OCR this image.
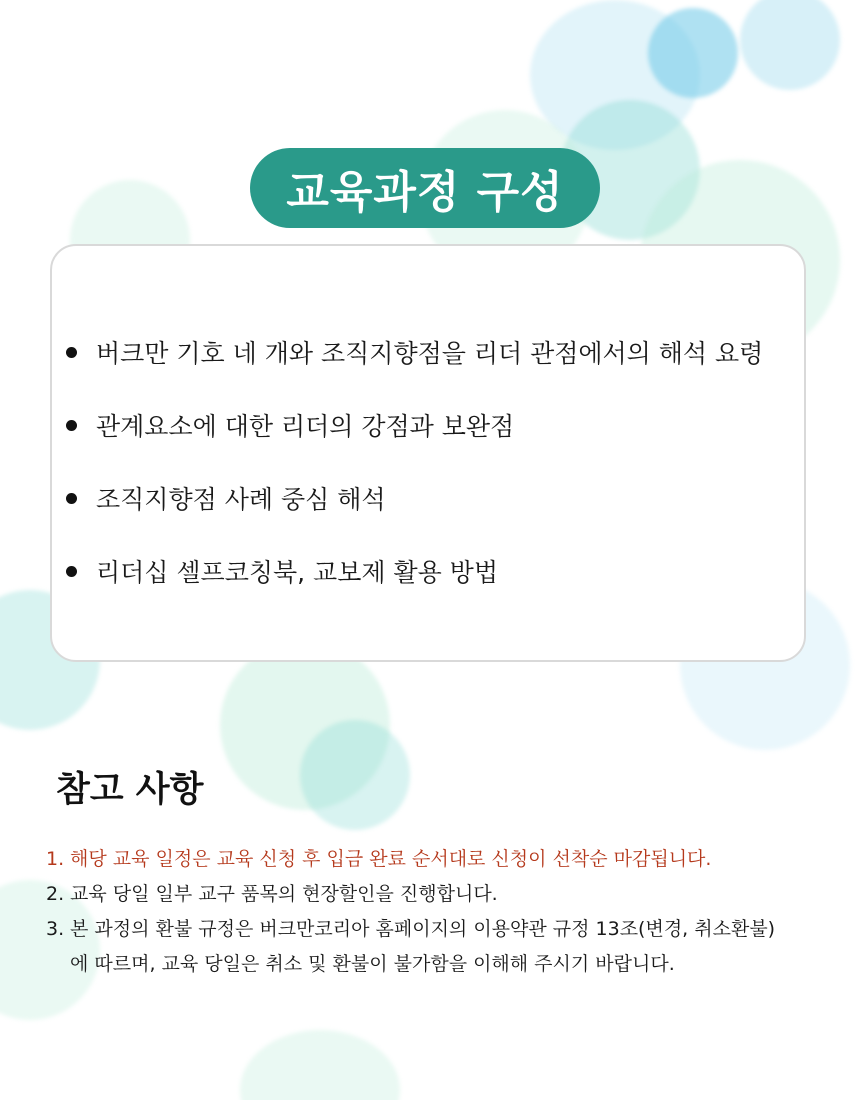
교육과정 구성
버크만 기호 네 개와 조직지향점을 리더 관점에서의 해석 요령
관계요소에 대한 리더의 강점과 보완점
조직지향점 사례 중심 해석
리더십 셀프코칭북, 교보제 활용 방법
참고 사항
1. 해당 교육 일정은 교육 신청 후 입금 완료 순서대로 신청이 선착순 마감됩니다.
2. 교육 당일 일부 교구 품목의 현장할인을 진행합니다.
3. 본 과정의 환불 규정은 버크만코리아 홈페이지의 이용약관 규정 13조(변경, 취소환불)
에 따르며, 교육 당일은 취소 및 환불이 불가함을 이해해 주시기 바랍니다.
